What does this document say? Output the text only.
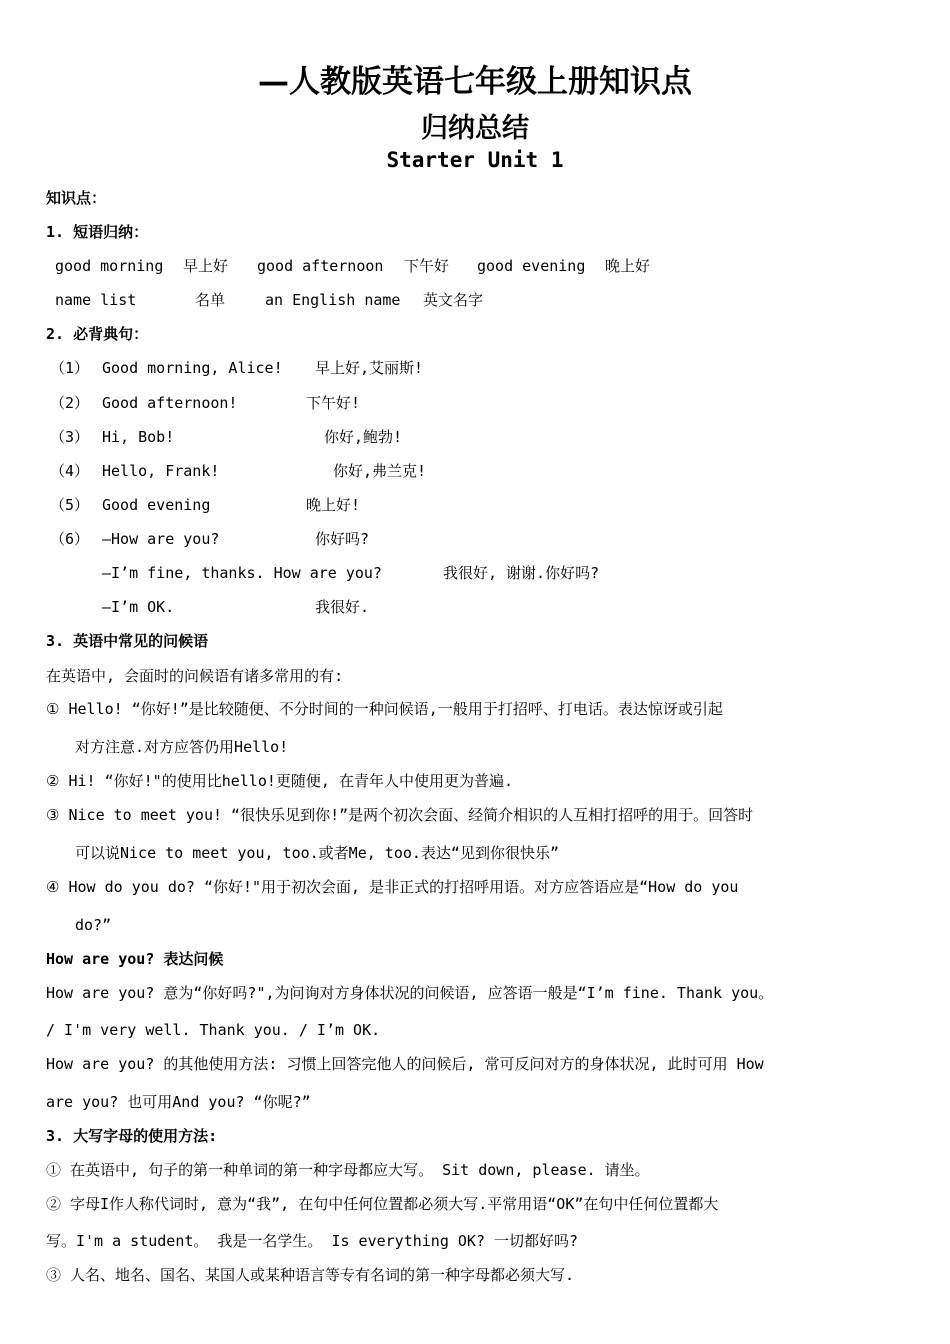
—人教版英语七年级上册知识点
归纳总结
Starter Unit 1
知识点：
1. 短语归纳：
good morning 早上好 good afternoon 下午好 good evening 晚上好
name list	名单	an English name 英文名字
2. 必背典句：
（1） Good morning, Alice! 早上好,艾丽斯!
（2） Good afternoon!	下午好!
（3） Hi, Bob!	你好,鲍勃!
（4） Hello, Frank!	你好,弗兰克!
（5） Good evening	晚上好!
（6） —How are you?	你好吗?
—I’m fine, thanks. How are you?	我很好, 谢谢.你好吗?
—I’m OK.	我很好.
3. 英语中常见的问候语
在英语中, 会面时的问候语有诸多常用的有:
① Hello! “你好!”是比较随便、不分时间的一种问候语,一般用于打招呼、打电话。表达惊讶或引起
对方注意.对方应答仍用Hello!
② Hi! “你好!"的使用比hello!更随便, 在青年人中使用更为普遍.
③ Nice to meet you! “很快乐见到你!”是两个初次会面、经简介相识的人互相打招呼的用于。回答时
可以说Nice to meet you, too.或者Me, too.表达“见到你很快乐”
④ How do you do? “你好!"用于初次会面, 是非正式的打招呼用语。对方应答语应是“How do you
do?”
How are you? 表达问候
How are you? 意为“你好吗?",为问询对方身体状况的问候语, 应答语一般是“I’m fine. Thank you。
/ I'm very well. Thank you. / I’m OK.
How are you? 的其他使用方法: 习惯上回答完他人的问候后, 常可反问对方的身体状况, 此时可用 How
are you? 也可用And you? “你呢?”
3. 大写字母的使用方法:
① 在英语中, 句子的第一种单词的第一种字母都应大写。 Sit down, please. 请坐。
② 字母I作人称代词时, 意为“我”, 在句中任何位置都必须大写.平常用语“OK”在句中任何位置都大
写。I'm a student。 我是一名学生。 Is everything OK? 一切都好吗?
③ 人名、地名、国名、某国人或某种语言等专有名词的第一种字母都必须大写.
